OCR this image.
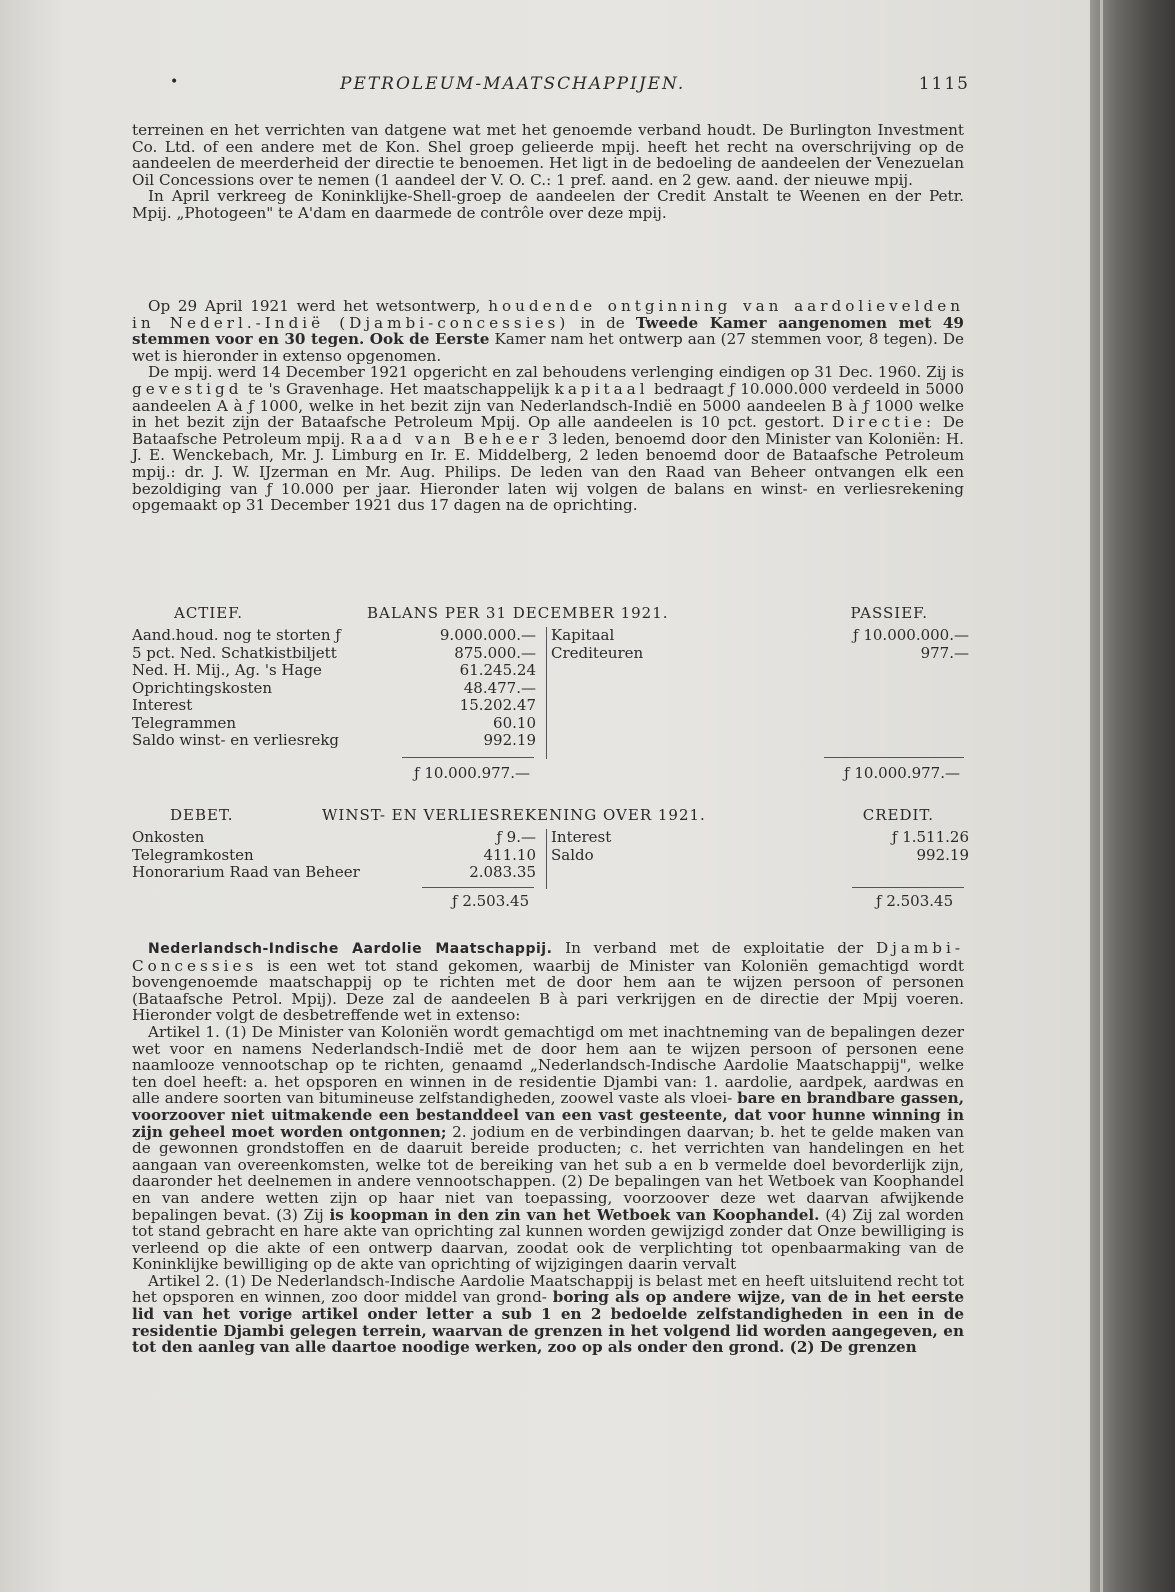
•	PETROLEUM-MAATSCHAPPIJEN.	1115

terreinen en het verrichten van datgene wat met het genoemde verband houdt. De Burlington Investment Co. Ltd. of een andere met de Kon. Shel groep gelieerde mpij. heeft het recht na overschrijving op de aandeelen de meerderheid der directie te benoemen. Het ligt in de bedoeling de aandeelen der Venezuelan Oil Concessions over te nemen (1 aandeel der V. O. C.: 1 pref. aand. en 2 gew. aand. der nieuwe mpij.

In April verkreeg de Koninklijke-Shell-groep de aandeelen der Credit Anstalt te Weenen en der Petr. Mpij. „Photogeen" te A'dam en daarmede de contrôle over deze mpij.

Op 29 April 1921 werd het wetsontwerp, houdende ontginning van aardolievelden in Nederl.-Indië (Djambi-concessies) in de Tweede Kamer aangenomen met 49 stemmen voor en 30 tegen. Ook de Eerste Kamer nam het ontwerp aan (27 stemmen voor, 8 tegen). De wet is hieronder in extenso opgenomen.

De mpij. werd 14 December 1921 opgericht en zal behoudens verlenging eindigen op 31 Dec. 1960. Zij is gevestigd te 's Gravenhage. Het maatschappelijk kapitaal bedraagt ƒ 10.000.000 verdeeld in 5000 aandeelen A à ƒ 1000, welke in het bezit zijn van Nederlandsch-Indië en 5000 aandeelen B à ƒ 1000 welke in het bezit zijn der Bataafsche Petroleum Mpij. Op alle aandeelen is 10 pct. gestort. Directie: De Bataafsche Petroleum mpij. Raad van Beheer 3 leden, benoemd door den Minister van Koloniën: H. J. E. Wenckebach, Mr. J. Limburg en Ir. E. Middelberg, 2 leden benoemd door de Bataafsche Petroleum mpij.: dr. J. W. IJzerman en Mr. Aug. Philips. De leden van den Raad van Beheer ontvangen elk een bezoldiging van ƒ 10.000 per jaar. Hieronder laten wij volgen de balans en winst- en verliesrekening opgemaakt op 31 December 1921 dus 17 dagen na de oprichting.

ACTIEF.	BALANS PER 31 DECEMBER 1921.	PASSIEF.
Aand.houd. nog te storten ƒ	9.000.000.—
5 pct. Ned. Schatkistbiljett	875.000.—
Ned. H. Mij., Ag. 's Hage	61.245.24
Oprichtingskosten	48.477.—
Interest	15.202.47
Telegrammen	60.10
Saldo winst- en verliesrekg	992.19
Kapitaal	ƒ 10.000.000.—
Crediteuren	977.—
ƒ 10.000.977.—	ƒ 10.000.977.—
DEBET.	WINST- EN VERLIESREKENING OVER 1921.	CREDIT.
Onkosten	ƒ 9.—
Telegramkosten	411.10
Honorarium Raad van Beheer	2.083.35
Interest	ƒ 1.511.26
Saldo	992.19
ƒ 2.503.45	ƒ 2.503.45

Nederlandsch-Indische Aardolie Maatschappij. In verband met de exploitatie der Djambi-Concessies is een wet tot stand gekomen, waarbij de Minister van Koloniën gemachtigd wordt bovengenoemde maatschappij op te richten met de door hem aan te wijzen persoon of personen (Bataafsche Petrol. Mpij). Deze zal de aandeelen B à pari verkrijgen en de directie der Mpij voeren. Hieronder volgt de desbetreffende wet in extenso:

Artikel 1. (1) De Minister van Koloniën wordt gemachtigd om met inachtneming van de bepalingen dezer wet voor en namens Nederlandsch-Indië met de door hem aan te wijzen persoon of personen eene naamlooze vennootschap op te richten, genaamd „Nederlandsch-Indische Aardolie Maatschappij", welke ten doel heeft: a. het opsporen en winnen in de residentie Djambi van: 1. aardolie, aardpek, aardwas en alle andere soorten van bitumineuse zelfstandigheden, zoowel vaste als vloei- bare en brandbare gassen, voorzoover niet uitmakende een bestanddeel van een vast gesteente, dat voor hunne winning in zijn geheel moet worden ontgonnen; 2. jodium en de verbindingen daarvan; b. het te gelde maken van de gewonnen grondstoffen en de daaruit bereide producten; c. het verrichten van handelingen en het aangaan van overeenkomsten, welke tot de bereiking van het sub a en b vermelde doel bevorderlijk zijn, daaronder het deelnemen in andere vennootschappen. (2) De bepalingen van het Wetboek van Koophandel en van andere wetten zijn op haar niet van toepassing, voorzoover deze wet daarvan afwijkende bepalingen bevat. (3) Zij is koopman in den zin van het Wetboek van Koophandel. (4) Zij zal worden tot stand gebracht en hare akte van oprichting zal kunnen worden gewijzigd zonder dat Onze bewilliging is verleend op die akte of een ontwerp daarvan, zoodat ook de verplichting tot openbaarmaking van de Koninklijke bewilliging op de akte van oprichting of wijzigingen daarin vervalt

Artikel 2. (1) De Nederlandsch-Indische Aardolie Maatschappij is belast met en heeft uitsluitend recht tot het opsporen en winnen, zoo door middel van grond- boring als op andere wijze, van de in het eerste lid van het vorige artikel onder letter a sub 1 en 2 bedoelde zelfstandigheden in een in de residentie Djambi gelegen terrein, waarvan de grenzen in het volgend lid worden aangegeven, en tot den aanleg van alle daartoe noodige werken, zoo op als onder den grond. (2) De grenzen
